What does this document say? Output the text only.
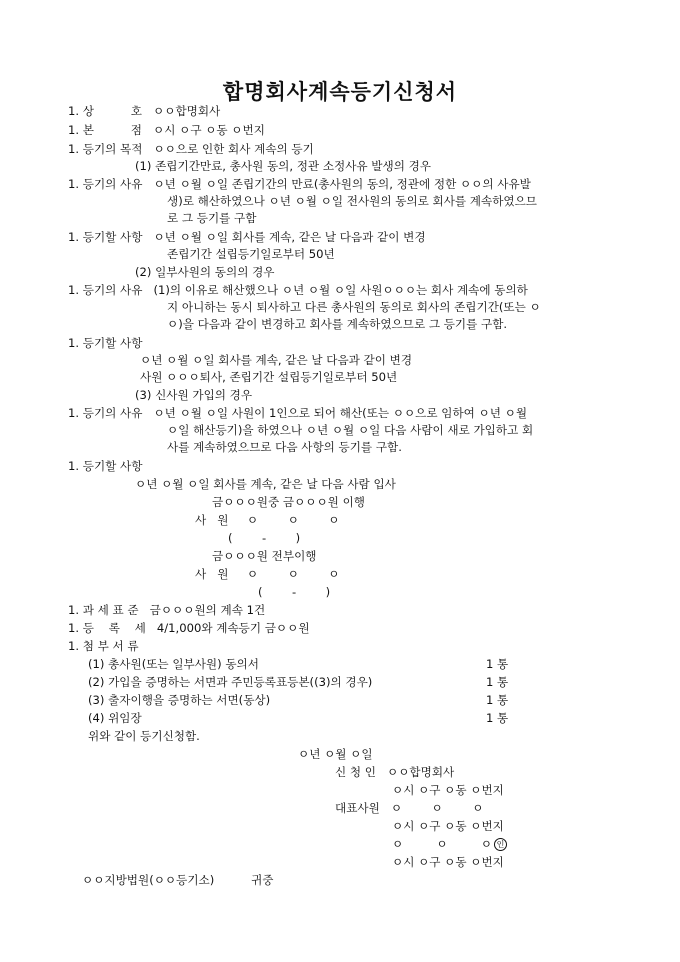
합명회사계속등기신청서
1. 상          호   ㅇㅇ합명회사
1. 본          점   ㅇ시 ㅇ구 ㅇ동 ㅇ번지
1. 등기의 목적   ㅇㅇ으로 인한 회사 계속의 등기
(1) 존립기간만료, 총사원 동의, 정관 소정사유 발생의 경우
1. 등기의 사유   ㅇ년 ㅇ월 ㅇ일 존립기간의 만료(총사원의 동의, 정관에 정한 ㅇㅇ의 사유발
생)로 해산하였으나 ㅇ년 ㅇ월 ㅇ일 전사원의 동의로 회사를 계속하였으므
로 그 등기를 구함
1. 등기할 사항   ㅇ년 ㅇ월 ㅇ일 회사를 계속, 같은 날 다음과 같이 변경
존립기간 설립등기일로부터 50년
(2) 일부사원의 동의의 경우
1. 등기의 사유   (1)의 이유로 해산했으나 ㅇ년 ㅇ월 ㅇ일 사원ㅇㅇㅇ는 회사 계속에 동의하
지 아니하는 동시 퇴사하고 다른 총사원의 동의로 회사의 존립기간(또는 ㅇ
ㅇ)을 다음과 같이 변경하고 회사를 계속하였으므로 그 등기를 구함.
1. 등기할 사항
ㅇ년 ㅇ월 ㅇ일 회사를 계속, 같은 날 다음과 같이 변경
사원 ㅇㅇㅇ퇴사, 존립기간 설립등기일로부터 50년
(3) 신사원 가입의 경우
1. 등기의 사유   ㅇ년 ㅇ월 ㅇ일 사원이 1인으로 되어 해산(또는 ㅇㅇ으로 임하여 ㅇ년 ㅇ월
ㅇ일 해산등기)을 하였으나 ㅇ년 ㅇ월 ㅇ일 다음 사람이 새로 가입하고 회
사를 계속하였으므로 다음 사항의 등기를 구함.
1. 등기할 사항
ㅇ년 ㅇ월 ㅇ일 회사를 계속, 같은 날 다음 사람 입사
금ㅇㅇㅇ원중 금ㅇㅇㅇ원 이행
사   원     ㅇ        ㅇ        ㅇ
(        -        )
금ㅇㅇㅇ원 전부이행
사   원     ㅇ        ㅇ        ㅇ
(        -        )
1. 과 세 표 준   금ㅇㅇㅇ원의 계속 1건
1. 등    록    세   4/1,000와 계속등기 금ㅇㅇ원
1. 첨 부 서 류
(1) 총사원(또는 일부사원) 동의서	1 통
(2) 가입을 증명하는 서면과 주민등록표등본((3)의 경우)	1 통
(3) 출자이행을 증명하는 서면(동상)	1 통
(4) 위임장	1 통
위와 같이 등기신청함.
ㅇ년 ㅇ월 ㅇ일
신 청 인   ㅇㅇ합명회사
ㅇ시 ㅇ구 ㅇ동 ㅇ번지
대표사원   ㅇ        ㅇ        ㅇ
ㅇ시 ㅇ구 ㅇ동 ㅇ번지
ㅇ         ㅇ         ㅇ 인
ㅇ시 ㅇ구 ㅇ동 ㅇ번지
ㅇㅇ지방법원(ㅇㅇ등기소)          귀중
